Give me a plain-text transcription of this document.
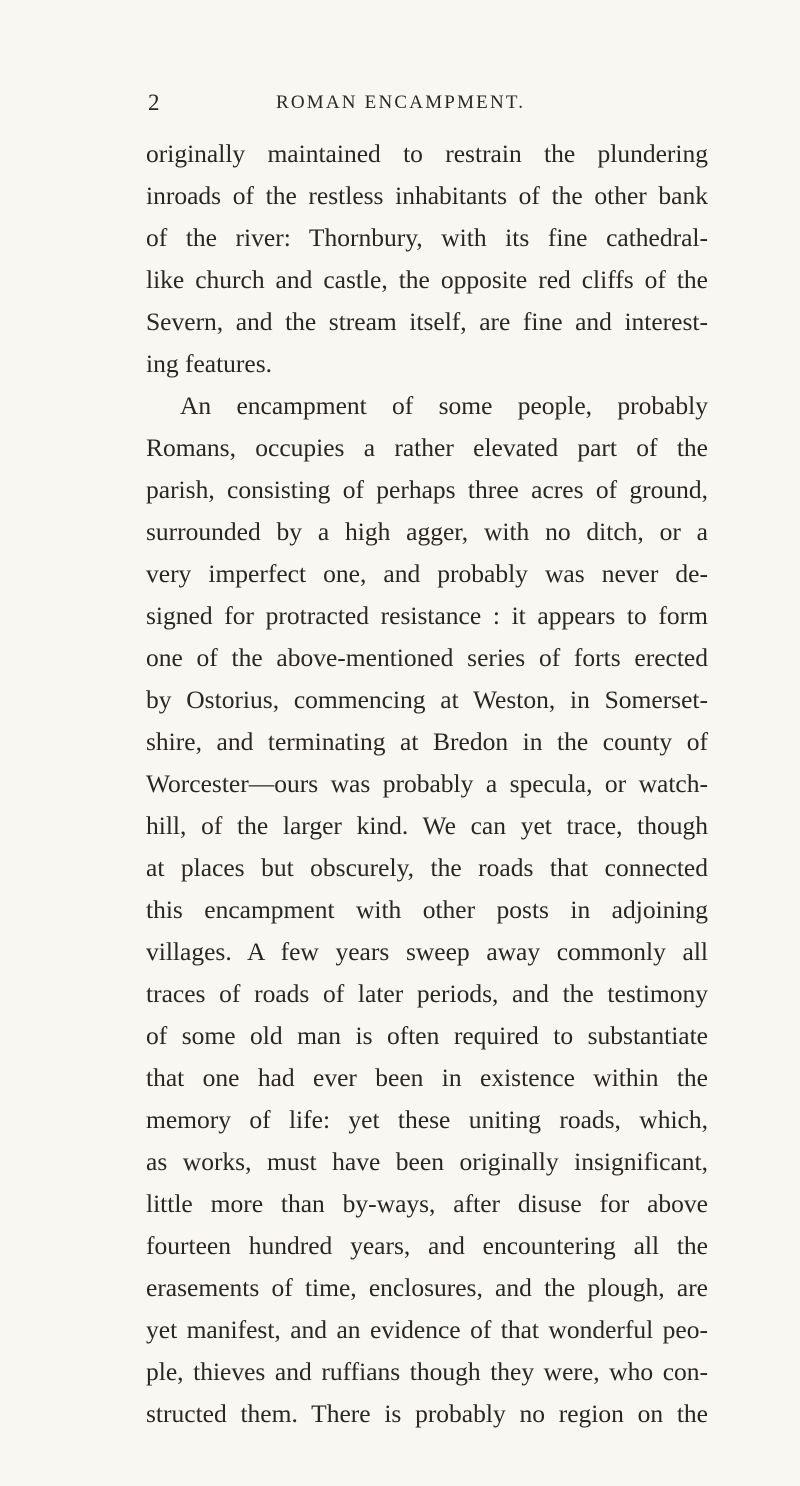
2	ROMAN ENCAMPMENT.
originally maintained to restrain the plundering
inroads of the restless inhabitants of the other bank
of the river: Thornbury, with its fine cathedral-
like church and castle, the opposite red cliffs of the
Severn, and the stream itself, are fine and interest-
ing features.
An encampment of some people, probably
Romans, occupies a rather elevated part of the
parish, consisting of perhaps three acres of ground,
surrounded by a high agger, with no ditch, or a
very imperfect one, and probably was never de-
signed for protracted resistance : it appears to form
one of the above-mentioned series of forts erected
by Ostorius, commencing at Weston, in Somerset-
shire, and terminating at Bredon in the county of
Worcester—ours was probably a specula, or watch-
hill, of the larger kind. We can yet trace, though
at places but obscurely, the roads that connected
this encampment with other posts in adjoining
villages. A few years sweep away commonly all
traces of roads of later periods, and the testimony
of some old man is often required to substantiate
that one had ever been in existence within the
memory of life: yet these uniting roads, which,
as works, must have been originally insignificant,
little more than by-ways, after disuse for above
fourteen hundred years, and encountering all the
erasements of time, enclosures, and the plough, are
yet manifest, and an evidence of that wonderful peo-
ple, thieves and ruffians though they were, who con-
structed them. There is probably no region on the
